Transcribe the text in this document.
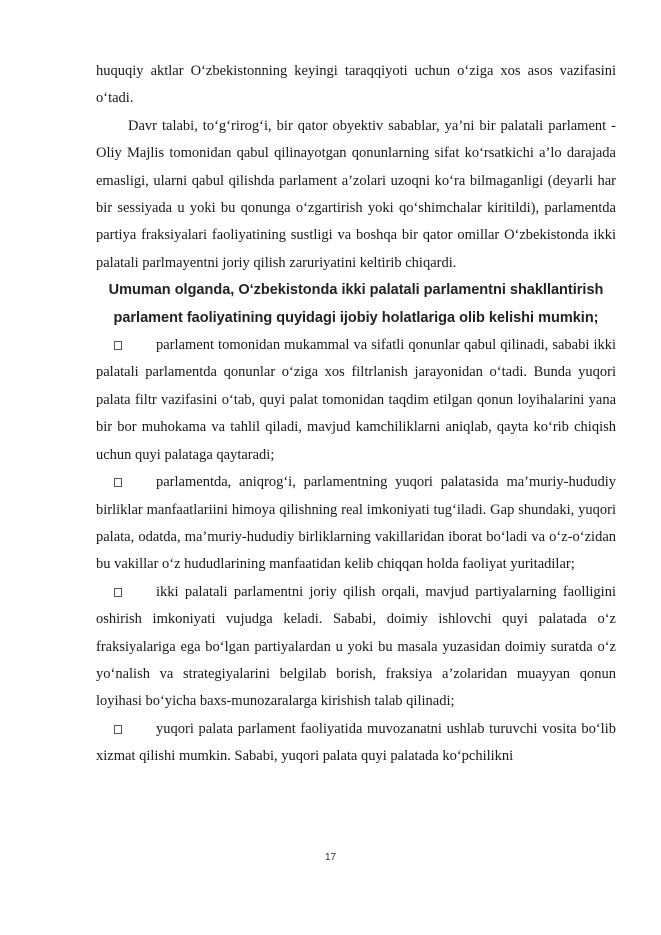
huquqiy aktlar O‘zbekistonning keyingi taraqqiyoti uchun o‘ziga xos asos vazifasini o‘tadi.

Davr talabi, to‘g‘rirog‘i, bir qator obyektiv sabablar, ya’ni bir palatali parlament - Oliy Majlis tomonidan qabul qilinayotgan qonunlarning sifat ko‘rsatkichi a’lo darajada emasligi, ularni qabul qilishda parlament a’zolari uzoqni ko‘ra bilmaganligi (deyarli har bir sessiyada u yoki bu qonunga o‘zgartirish yoki qo‘shimchalar kiritildi), parlamentda partiya fraksiyalari faoliyatining sustligi va boshqa bir qator omillar O‘zbekistonda ikki palatali parlmayentni joriy qilish zaruriyatini keltirib chiqardi.

Umuman olganda, O‘zbekistonda ikki palatali parlamentni shakllantirish parlament faoliyatining quyidagi ijobiy holatlariga olib kelishi mumkin;

parlament tomonidan mukammal va sifatli qonunlar qabul qilinadi, sababi ikki palatali parlamentda qonunlar o‘ziga xos filtrlanish jarayonidan o‘tadi. Bunda yuqori palata filtr vazifasini o‘tab, quyi palat tomonidan taqdim etilgan qonun loyihalarini yana bir bor muhokama va tahlil qiladi, mavjud kamchiliklarni aniqlab, qayta ko‘rib chiqish uchun quyi palataga qaytaradi;

parlamentda, aniqrog‘i, parlamentning yuqori palatasida ma’muriy-hududiy birliklar manfaatlariini himoya qilishning real imkoniyati tug‘iladi. Gap shundaki, yuqori palata, odatda, ma’muriy-hududiy birliklarning vakillaridan iborat bo‘ladi va o‘z-o‘zidan bu vakillar o‘z hududlarining manfaatidan kelib chiqqan holda faoliyat yuritadilar;

ikki palatali parlamentni joriy qilish orqali, mavjud partiyalarning faolligini oshirish imkoniyati vujudga keladi. Sababi, doimiy ishlovchi quyi palatada o‘z fraksiyalariga ega bo‘lgan partiyalardan u yoki bu masala yuzasidan doimiy suratda o‘z yo‘nalish va strategiyalarini belgilab borish, fraksiya a’zolaridan muayyan qonun loyihasi bo‘yicha baxs-munozaralarga kirishish talab qilinadi;

yuqori palata parlament faoliyatida muvozanatni ushlab turuvchi vosita bo‘lib xizmat qilishi mumkin. Sababi, yuqori palata quyi palatada ko‘pchilikni

17
